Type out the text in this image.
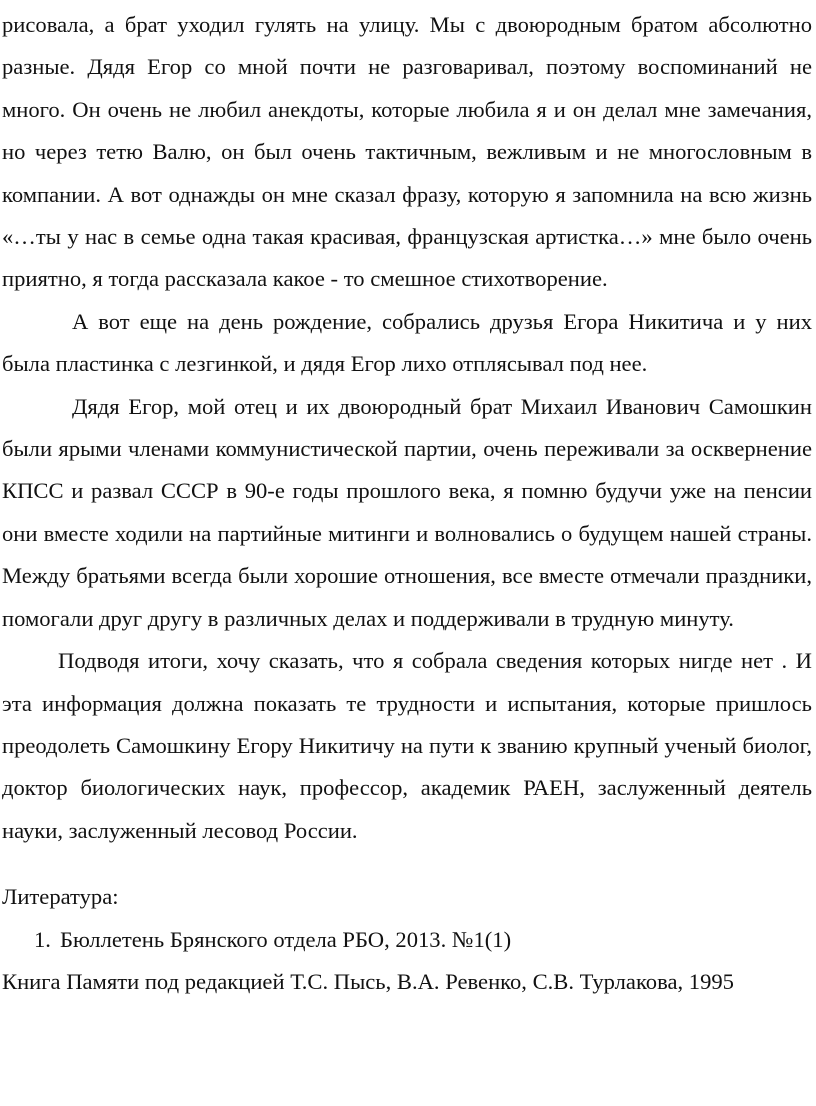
рисовала, а брат уходил гулять на улицу. Мы с двоюродным братом абсолютно разные. Дядя Егор со мной почти не разговаривал, поэтому воспоминаний не много. Он очень не любил анекдоты, которые любила я и он делал мне замечания, но через тетю Валю, он был очень тактичным, вежливым и не многословным в компании. А вот однажды он мне сказал фразу, которую я запомнила на всю жизнь «…ты у нас в семье одна такая красивая, французская артистка…» мне было очень приятно, я тогда рассказала какое - то смешное стихотворение.

А вот еще на день рождение, собрались друзья Егора Никитича и у них была пластинка с лезгинкой, и дядя Егор лихо отплясывал под нее.

Дядя Егор, мой отец и их двоюродный брат Михаил Иванович Самошкин были ярыми членами коммунистической партии, очень переживали за осквернение КПСС и развал СССР в 90-е годы прошлого века, я помню будучи уже на пенсии они вместе ходили на партийные митинги и волновались о будущем нашей страны. Между братьями всегда были хорошие отношения, все вместе отмечали праздники, помогали друг другу в различных делах и поддерживали в трудную минуту.

Подводя итоги, хочу сказать, что я собрала сведения которых нигде нет . И эта информация должна показать те трудности и испытания, которые пришлось преодолеть Самошкину Егору Никитичу на пути к званию крупный ученый биолог, доктор биологических наук, профессор, академик РАЕН, заслуженный деятель науки, заслуженный лесовод России.

Литература:

1. Бюллетень Брянского отдела РБО, 2013. №1(1)

Книга Памяти под редакцией Т.С. Пысь, В.А. Ревенко, С.В. Турлакова, 1995
